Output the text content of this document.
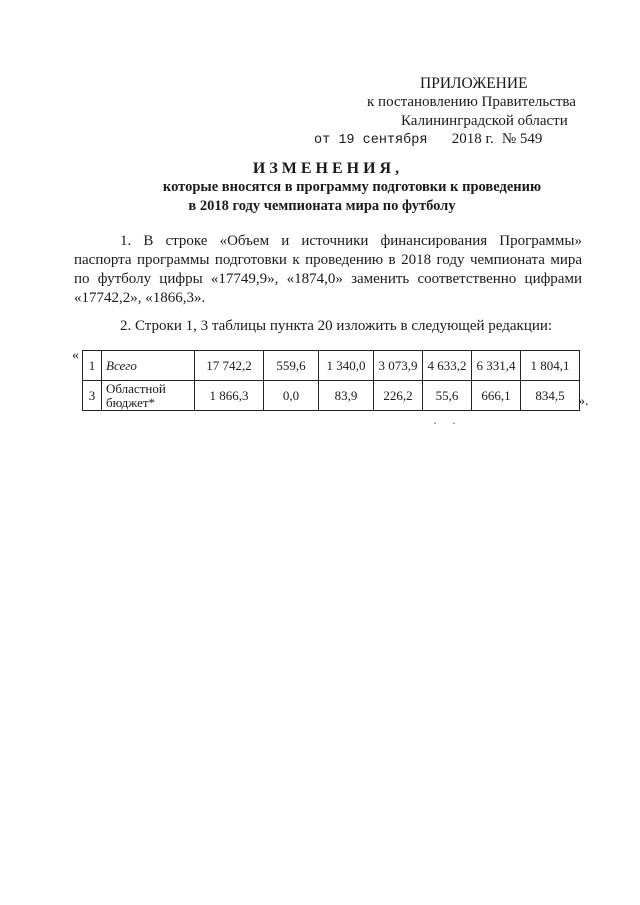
ПРИЛОЖЕНИЕ
к постановлению Правительства
Калининградской области
от 19 сентября 2018 г. № 549
ИЗМЕНЕНИЯ,
которые вносятся в программу подготовки к проведению
в 2018 году чемпионата мира по футболу
1. В строке «Объем и источники финансирования Программы» паспорта программы подготовки к проведению в 2018 году чемпионата мира по футболу цифры «17749,9», «1874,0» заменить соответственно цифрами «17742,2», «1866,3».
2. Строки 1, 3 таблицы пункта 20 изложить в следующей редакции:
«
1	Всего	17 742,2	559,6	1 340,0	3 073,9	4 633,2	6 331,4	1 804,1
3	Областной бюджет*	1 866,3	0,0	83,9	226,2	55,6	666,1	834,5 ».
·     ·
